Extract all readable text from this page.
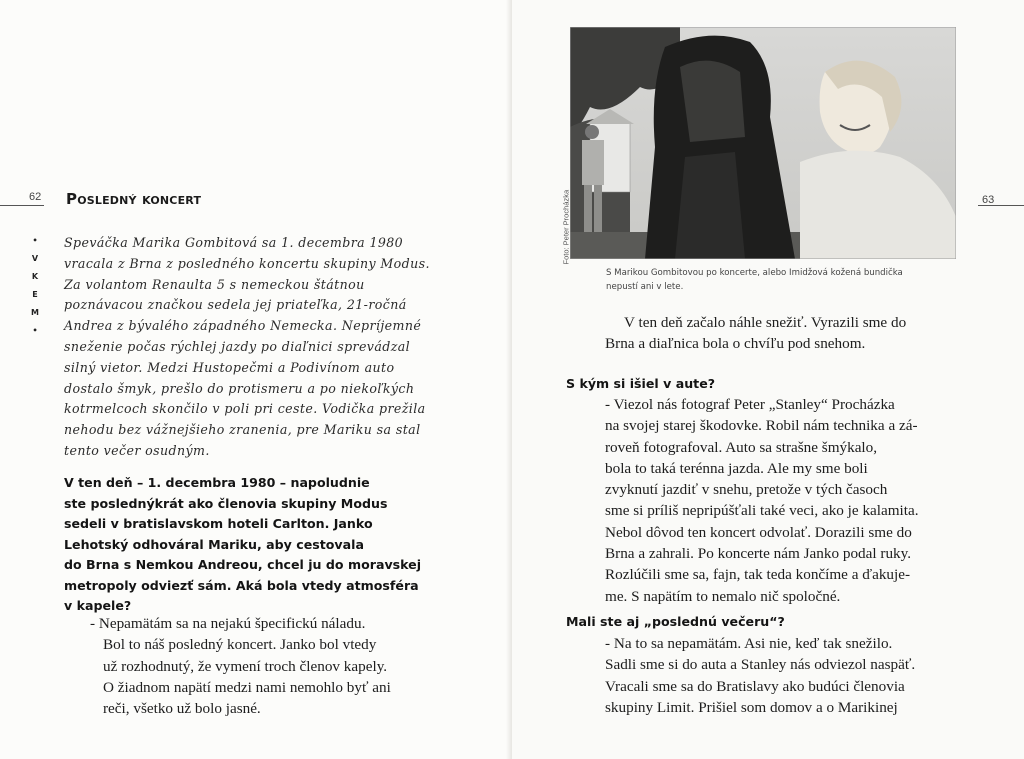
62
•
V
K
E
M
•
Posledný koncert
Speváčka Marika Gombitová sa 1. decembra 1980
vracala z Brna z posledného koncertu skupiny Modus.
Za volantom Renaulta 5 s nemeckou štátnou
poznávacou značkou sedela jej priateľka, 21-ročná
Andrea z bývalého západného Nemecka. Nepríjemné
sneženie počas rýchlej jazdy po diaľnici sprevádzal
silný vietor. Medzi Hustopečmi a Podivínom auto
dostalo šmyk, prešlo do protismeru a po niekoľkých
kotrmelcoch skončilo v poli pri ceste. Vodička prežila
nehodu bez vážnejšieho zranenia, pre Mariku sa stal
tento večer osudným.
V ten deň – 1. decembra 1980 – napoludnie
ste poslednýkrát ako členovia skupiny Modus
sedeli v bratislavskom hoteli Carlton. Janko
Lehotský odhováral Mariku, aby cestovala
do Brna s Nemkou Andreou, chcel ju do moravskej
metropoly odviezť sám. Aká bola vtedy atmosféra
v kapele?
- Nepamätám sa na nejakú špecifickú náladu.
Bol to náš posledný koncert. Janko bol vtedy
už rozhodnutý, že vymení troch členov kapely.
O žiadnom napätí medzi nami nemohlo byť ani
reči, všetko už bolo jasné.
63
Foto: Peter Procházka
S Marikou Gombitovou po koncerte, alebo Imidžová kožená bundička
nepustí ani v lete.
V ten deň začalo náhle snežiť. Vyrazili sme do
Brna a diaľnica bola o chvíľu pod snehom.
S kým si išiel v aute?
- Viezol nás fotograf Peter „Stanley“ Procházka
na svojej starej škodovke. Robil nám technika a zá-
roveň fotografoval. Auto sa strašne šmýkalo,
bola to taká terénna jazda. Ale my sme boli
zvyknutí jazdiť v snehu, pretože v tých časoch
sme si príliš nepripúšťali také veci, ako je kalamita.
Nebol dôvod ten koncert odvolať. Dorazili sme do
Brna a zahrali. Po koncerte nám Janko podal ruky.
Rozlúčili sme sa, fajn, tak teda končíme a ďakuje-
me. S napätím to nemalo nič spoločné.
Mali ste aj „poslednú večeru“?
- Na to sa nepamätám. Asi nie, keď tak snežilo.
Sadli sme si do auta a Stanley nás odviezol naspäť.
Vracali sme sa do Bratislavy ako budúci členovia
skupiny Limit. Prišiel som domov a o Marikinej
